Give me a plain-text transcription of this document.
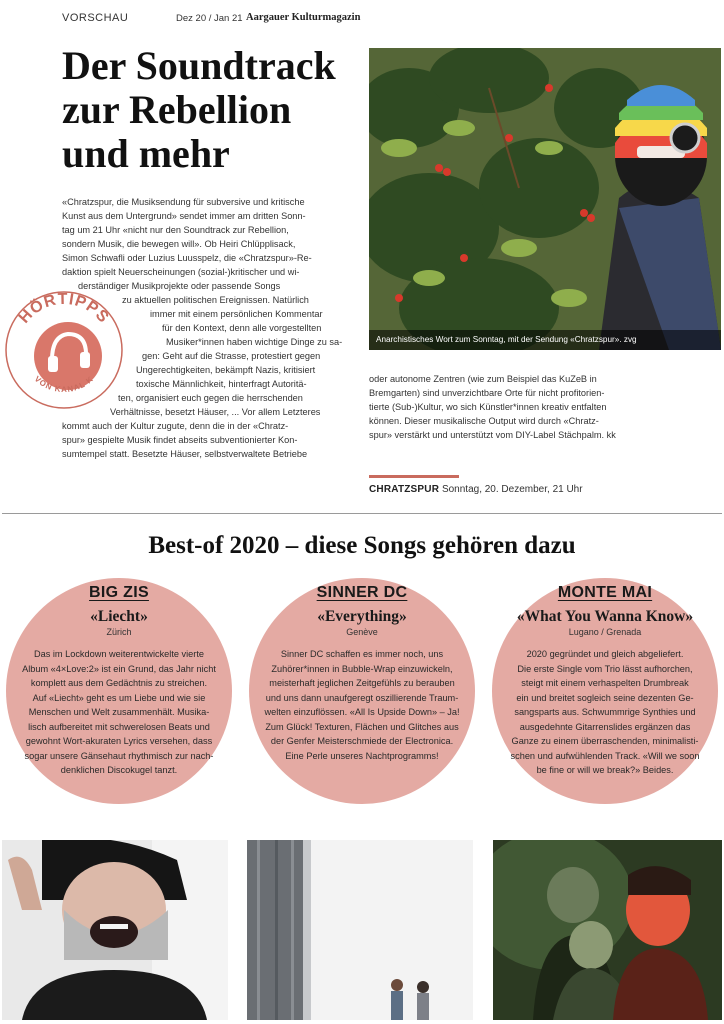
VORSCHAU	Dez 20 / Jan 21 Aargauer Kulturmagazin
Der Soundtrack
zur Rebellion
und mehr
Anarchistisches Wort zum Sonntag, mit der Sendung «Chratzspur». zvg
HÖRTIPPS
VON KANAL K
«Chratzspur, die Musiksendung für subversive und kritische
Kunst aus dem Untergrund» sendet immer am dritten Sonn-
tag um 21 Uhr «nicht nur den Soundtrack zur Rebellion,
sondern Musik, die bewegen will». Ob Heiri Chlüpplisack,
Simon Schwafli oder Luzius Luusspelz, die «Chratzspur»-Re-
daktion spielt Neuerscheinungen (sozial-)kritischer und wi-
derständiger Musikprojekte oder passende Songs
zu aktuellen politischen Ereignissen. Natürlich
immer mit einem persönlichen Kommentar
für den Kontext, denn alle vorgestellten
Musiker*innen haben wichtige Dinge zu sa-
gen: Geht auf die Strasse, protestiert gegen
Ungerechtigkeiten, bekämpft Nazis, kritisiert
toxische Männlichkeit, hinterfragt Autoritä-
ten, organisiert euch gegen die herrschenden
Verhältnisse, besetzt Häuser, ... Vor allem Letzteres
kommt auch der Kultur zugute, denn die in der «Chratz-
spur» gespielte Musik findet abseits subventionierter Kon-
sumtempel statt. Besetzte Häuser, selbstverwaltete Betriebe
oder autonome Zentren (wie zum Beispiel das KuZeB in
Bremgarten) sind unverzichtbare Orte für nicht profitorien-
tierte (Sub-)Kultur, wo sich Künstler*innen kreativ entfalten
können. Dieser musikalische Output wird durch «Chratz-
spur» verstärkt und unterstützt vom DIY-Label Stächpalm. kk
CHRATZSPUR Sonntag, 20. Dezember, 21 Uhr
Best-of 2020 – diese Songs gehören dazu
BIG ZIS
«Liecht»
Zürich
Das im Lockdown weiterentwickelte vierte
Album «4×Love:2» ist ein Grund, das Jahr nicht
komplett aus dem Gedächtnis zu streichen.
Auf «Liecht» geht es um Liebe und wie sie
Menschen und Welt zusammenhält. Musika-
lisch aufbereitet mit schwerelosen Beats und
gewohnt Wort-akuraten Lyrics versehen, dass
sogar unsere Gänsehaut rhythmisch zur nach-
denklichen Discokugel tanzt.
SINNER DC
«Everything»
Genève
Sinner DC schaffen es immer noch, uns
Zuhörer*innen in Bubble-Wrap einzuwickeln,
meisterhaft jeglichen Zeitgefühls zu berauben
und uns dann unaufgeregt oszillierende Traum-
welten einzuflössen. «All Is Upside Down» – Ja!
Zum Glück! Texturen, Flächen und Glitches aus
der Genfer Meisterschmiede der Electronica.
Eine Perle unseres Nachtprogramms!
MONTE MAI
«What You Wanna Know»
Lugano / Grenada
2020 gegründet und gleich abgeliefert.
Die erste Single vom Trio lässt aufhorchen,
steigt mit einem verhaspelten Drumbreak
ein und breitet sogleich seine dezenten Ge-
sangsparts aus. Schwummrige Synthies und
ausgedehnte Gitarrenslides ergänzen das
Ganze zu einem überraschenden, minimalisti-
schen und aufwühlenden Track. «Will we soon
be fine or will we break?» Beides.
